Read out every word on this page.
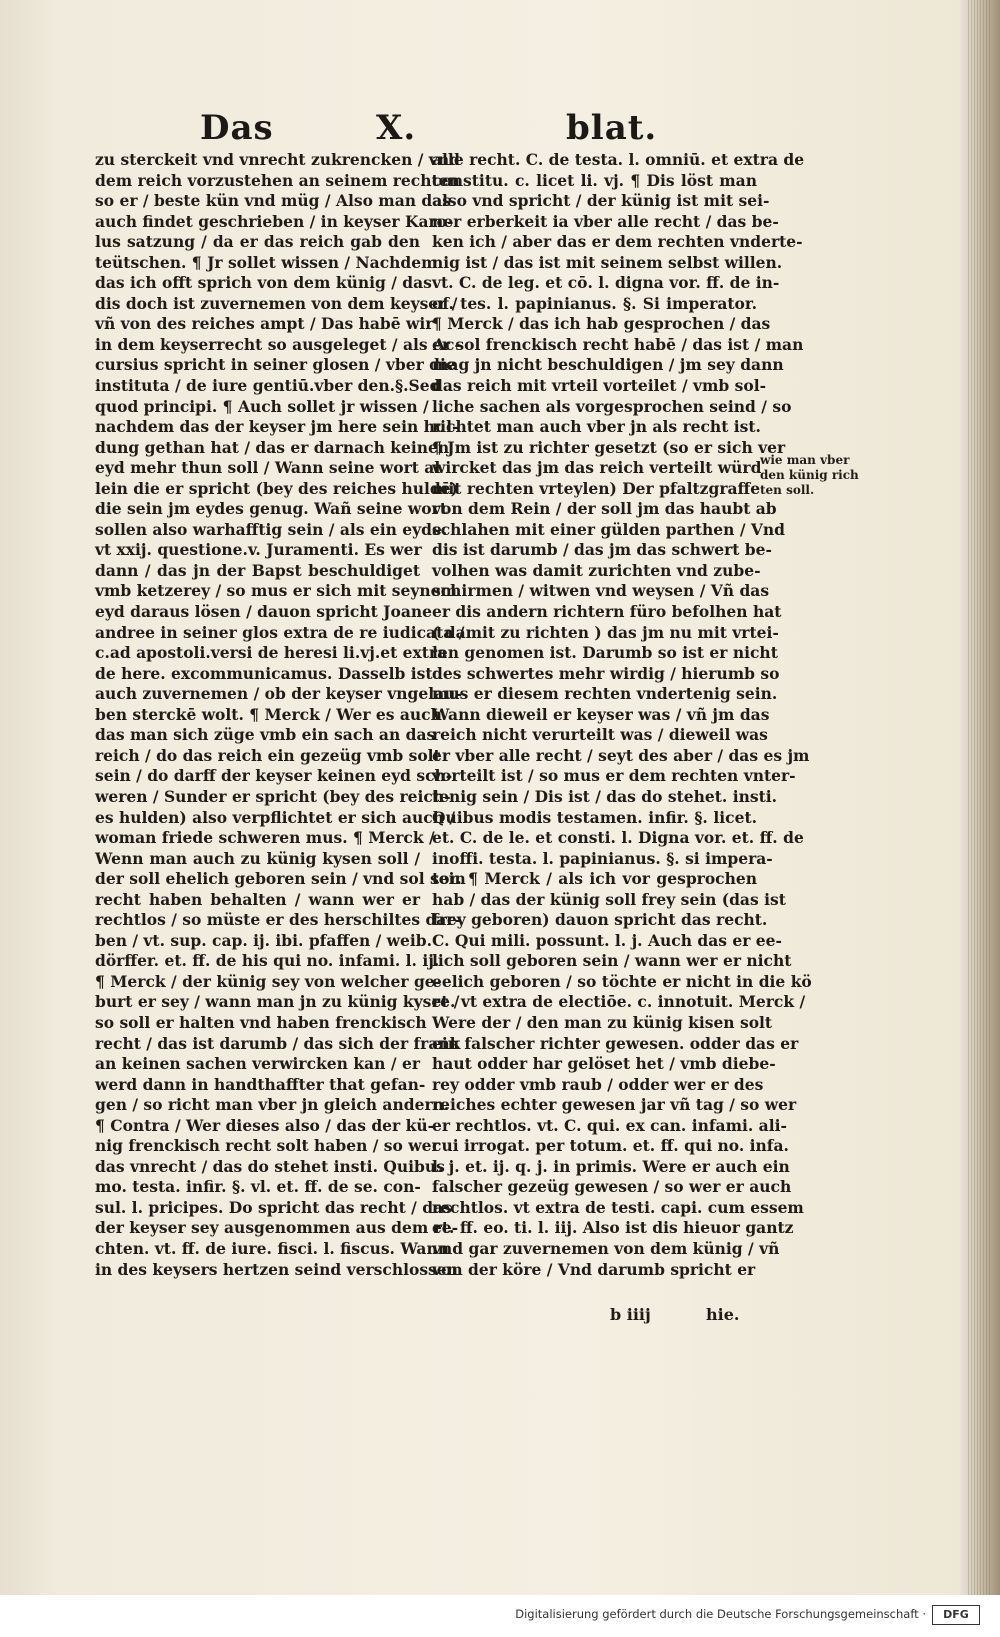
Das	X.	blat.
zu sterckeit vnd vnrecht zukrencken / vnd
dem reich vorzustehen an seinem rechten
so er / beste kün vnd müg / Also man das
auch findet geschrieben / in keyser Karo-
lus satzung / da er das reich gab den
teütschen. ¶ Jr sollet wissen / Nachdem
das ich offt sprich von dem künig / das
dis doch ist zuvernemen von dem keyser /
vñ von des reiches ampt / Das habē wir
in dem keyserrecht so ausgeleget / als Ac-
cursius spricht in seiner glosen / vber die
instituta / de iure gentiū.vber den.§.Sed
quod principi. ¶ Auch sollet jr wissen /
nachdem das der keyser jm here sein hul-
dung gethan hat / das er darnach keinen
eyd mehr thun soll / Wann seine wort al
lein die er spricht (bey des reiches huldē)
die sein jm eydes genug. Wañ seine wort
sollen also warhafftig sein / als ein eyde.
vt xxij. questione.v. Juramenti. Es wer
dann / das jn der Bapst beschuldiget
vmb ketzerey / so mus er sich mit seynem
eyd daraus lösen / dauon spricht Joane
andree in seiner glos extra de re iudicata /
c.ad apostoli.versi de heresi li.vj.et extra
de here. excommunicamus. Dasselb ist
auch zuvernemen / ob der keyser vngelau-
ben sterckē wolt. ¶ Merck / Wer es auch
das man sich züge vmb ein sach an das
reich / do das reich ein gezeüg vmb solt
sein / do darff der keyser keinen eyd sch-
weren / Sunder er spricht (bey des reich-
es hulden) also verpflichtet er sich auch /
woman friede schweren mus. ¶ Merck /
Wenn man auch zu künig kysen soll /
der soll ehelich geboren sein / vnd sol sein
recht haben behalten / wann wer er
rechtlos / so müste er des herschiltes dar-
ben / vt. sup. cap. ij. ibi. pfaffen / weib.
dörffer. et. ff. de his qui no. infami. l. ij.
¶ Merck / der künig sey von welcher ge-
burt er sey / wann man jn zu künig kyset /
so soll er halten vnd haben frenckisch
recht / das ist darumb / das sich der frank
an keinen sachen verwircken kan / er
werd dann in handthaffter that gefan-
gen / so richt man vber jn gleich andern.
¶ Contra / Wer dieses also / das der kü-
nig frenckisch recht solt haben / so wer
das vnrecht / das do stehet insti. Quibus
mo. testa. infir. §. vl. et. ff. de se. con-
sul. l. pricipes. Do spricht das recht / das
der keyser sey ausgenommen aus dem re-
chten. vt. ff. de iure. fisci. l. fiscus. Wann
in des keysers hertzen seind verschlossen
alle recht. C. de testa. l. omniū. et extra de
constitu. c. licet li. vj. ¶ Dis löst man
also vnd spricht / der künig ist mit sei-
ner erberkeit ia vber alle recht / das be-
ken ich / aber das er dem rechten vnderte-
nig ist / das ist mit seinem selbst willen.
vt. C. de leg. et cō. l. digna vor. ff. de in-
of. tes. l. papinianus. §. Si imperator.
¶ Merck / das ich hab gesprochen / das
er sol frenckisch recht habē / das ist / man
mag jn nicht beschuldigen / jm sey dann
das reich mit vrteil vorteilet / vmb sol-
liche sachen als vorgesprochen seind / so
richtet man auch vber jn als recht ist.
¶ Jm ist zu richter gesetzt (so er sich ver
wircket das jm das reich verteilt würd
mit rechten vrteylen) Der pfaltzgraffe
von dem Rein / der soll jm das haubt ab
schlahen mit einer gülden parthen / Vnd
dis ist darumb / das jm das schwert be-
volhen was damit zurichten vnd zube-
schirmen / witwen vnd weysen / Vñ das
er dis andern richtern füro befolhen hat
( damit zu richten ) das jm nu mit vrtei-
len genomen ist. Darumb so ist er nicht
des schwertes mehr wirdig / hierumb so
mus er diesem rechten vndertenig sein.
Wann dieweil er keyser was / vñ jm das
reich nicht verurteilt was / dieweil was
er vber alle recht / seyt des aber / das es jm
vorteilt ist / so mus er dem rechten vnter-
tenig sein / Dis ist / das do stehet. insti.
Quibus modis testamen. infir. §. licet.
et. C. de le. et consti. l. Digna vor. et. ff. de
inoffi. testa. l. papinianus. §. si impera-
tor. ¶ Merck / als ich vor gesprochen
hab / das der künig soll frey sein (das ist
frey geboren) dauon spricht das recht.
C. Qui mili. possunt. l. j. Auch das er ee-
lich soll geboren sein / wann wer er nicht
eelich geboren / so töchte er nicht in die kö
re. vt extra de electiōe. c. innotuit. Merck /
Were der / den man zu künig kisen solt
ein falscher richter gewesen. odder das er
haut odder har gelöset het / vmb diebe-
rey odder vmb raub / odder wer er des
reiches echter gewesen jar vñ tag / so wer
er rechtlos. vt. C. qui. ex can. infami. ali-
cui irrogat. per totum. et. ff. qui no. infa.
l. j. et. ij. q. j. in primis. Were er auch ein
falscher gezeüg gewesen / so wer er auch
rechtlos. vt extra de testi. capi. cum essem
et. ff. eo. ti. l. iij. Also ist dis hieuor gantz
vnd gar zuvernemen von dem künig / vñ
von der köre / Vnd darumb spricht er
wie man vber
den künig rich
ten soll.
b iiij	hie.
Digitalisierung gefördert durch die Deutsche Forschungsgemeinschaft ·	DFG
